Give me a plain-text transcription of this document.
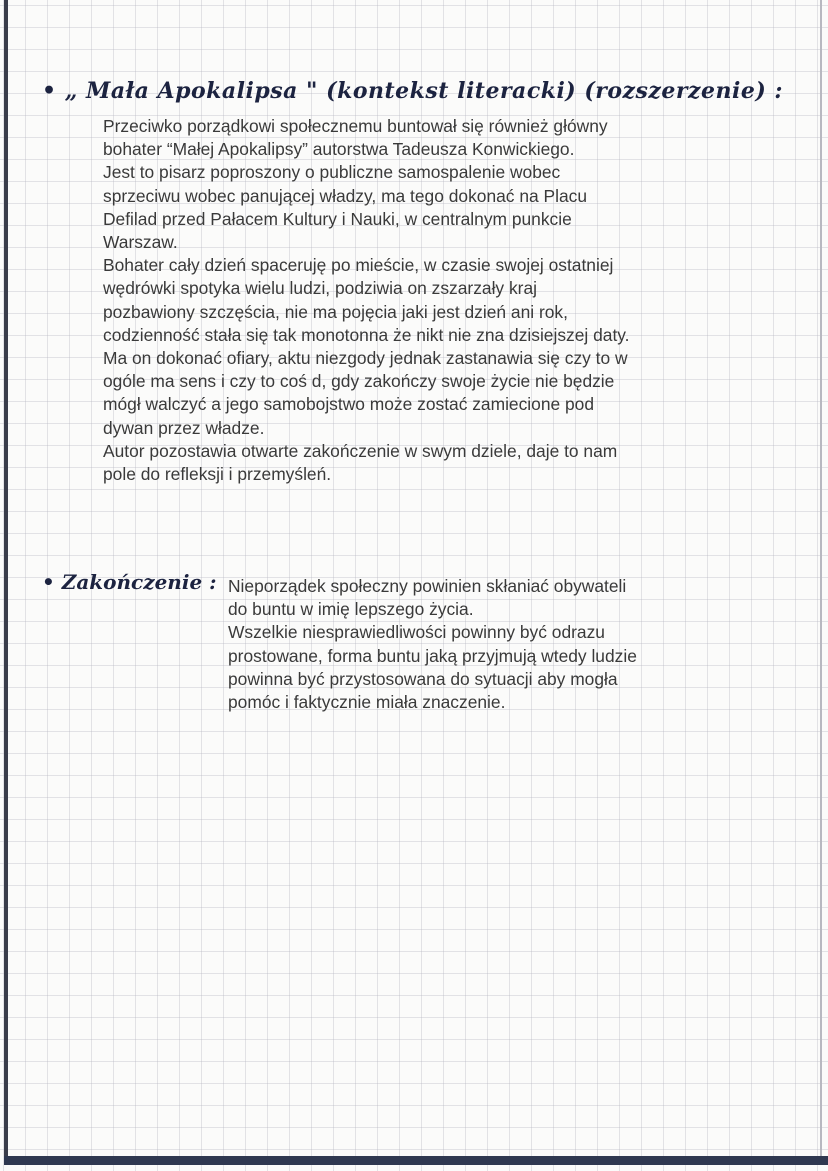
• „ Mała Apokalipsa " (kontekst literacki) (rozszerzenie) :
Przeciwko porządkowi społecznemu buntował się również główny
bohater “Małej Apokalipsy” autorstwa Tadeusza Konwickiego.
Jest to pisarz poproszony o publiczne samospalenie wobec
sprzeciwu wobec panującej władzy, ma tego dokonać na Placu
Defilad przed Pałacem Kultury i Nauki, w centralnym punkcie
Warszaw.
Bohater cały dzień spaceruję po mieście, w czasie swojej ostatniej
wędrówki spotyka wielu ludzi, podziwia on zszarzały kraj
pozbawiony szczęścia, nie ma pojęcia jaki jest dzień ani rok,
codzienność stała się tak monotonna że nikt nie zna dzisiejszej daty.
Ma on dokonać ofiary, aktu niezgody jednak zastanawia się czy to w
ogóle ma sens i czy to coś d, gdy zakończy swoje życie nie będzie
mógł walczyć a jego samobojstwo może zostać zamiecione pod
dywan przez władze.
Autor pozostawia otwarte zakończenie w swym dziele, daje to nam
pole do refleksji i przemyśleń.
• Zakończenie : Nieporządek społeczny powinien skłaniać obywateli
do buntu w imię lepszego życia.
Wszelkie niesprawiedliwości powinny być odrazu
prostowane, forma buntu jaką przyjmują wtedy ludzie
powinna być przystosowana do sytuacji aby mogła
pomóc i faktycznie miała znaczenie.
